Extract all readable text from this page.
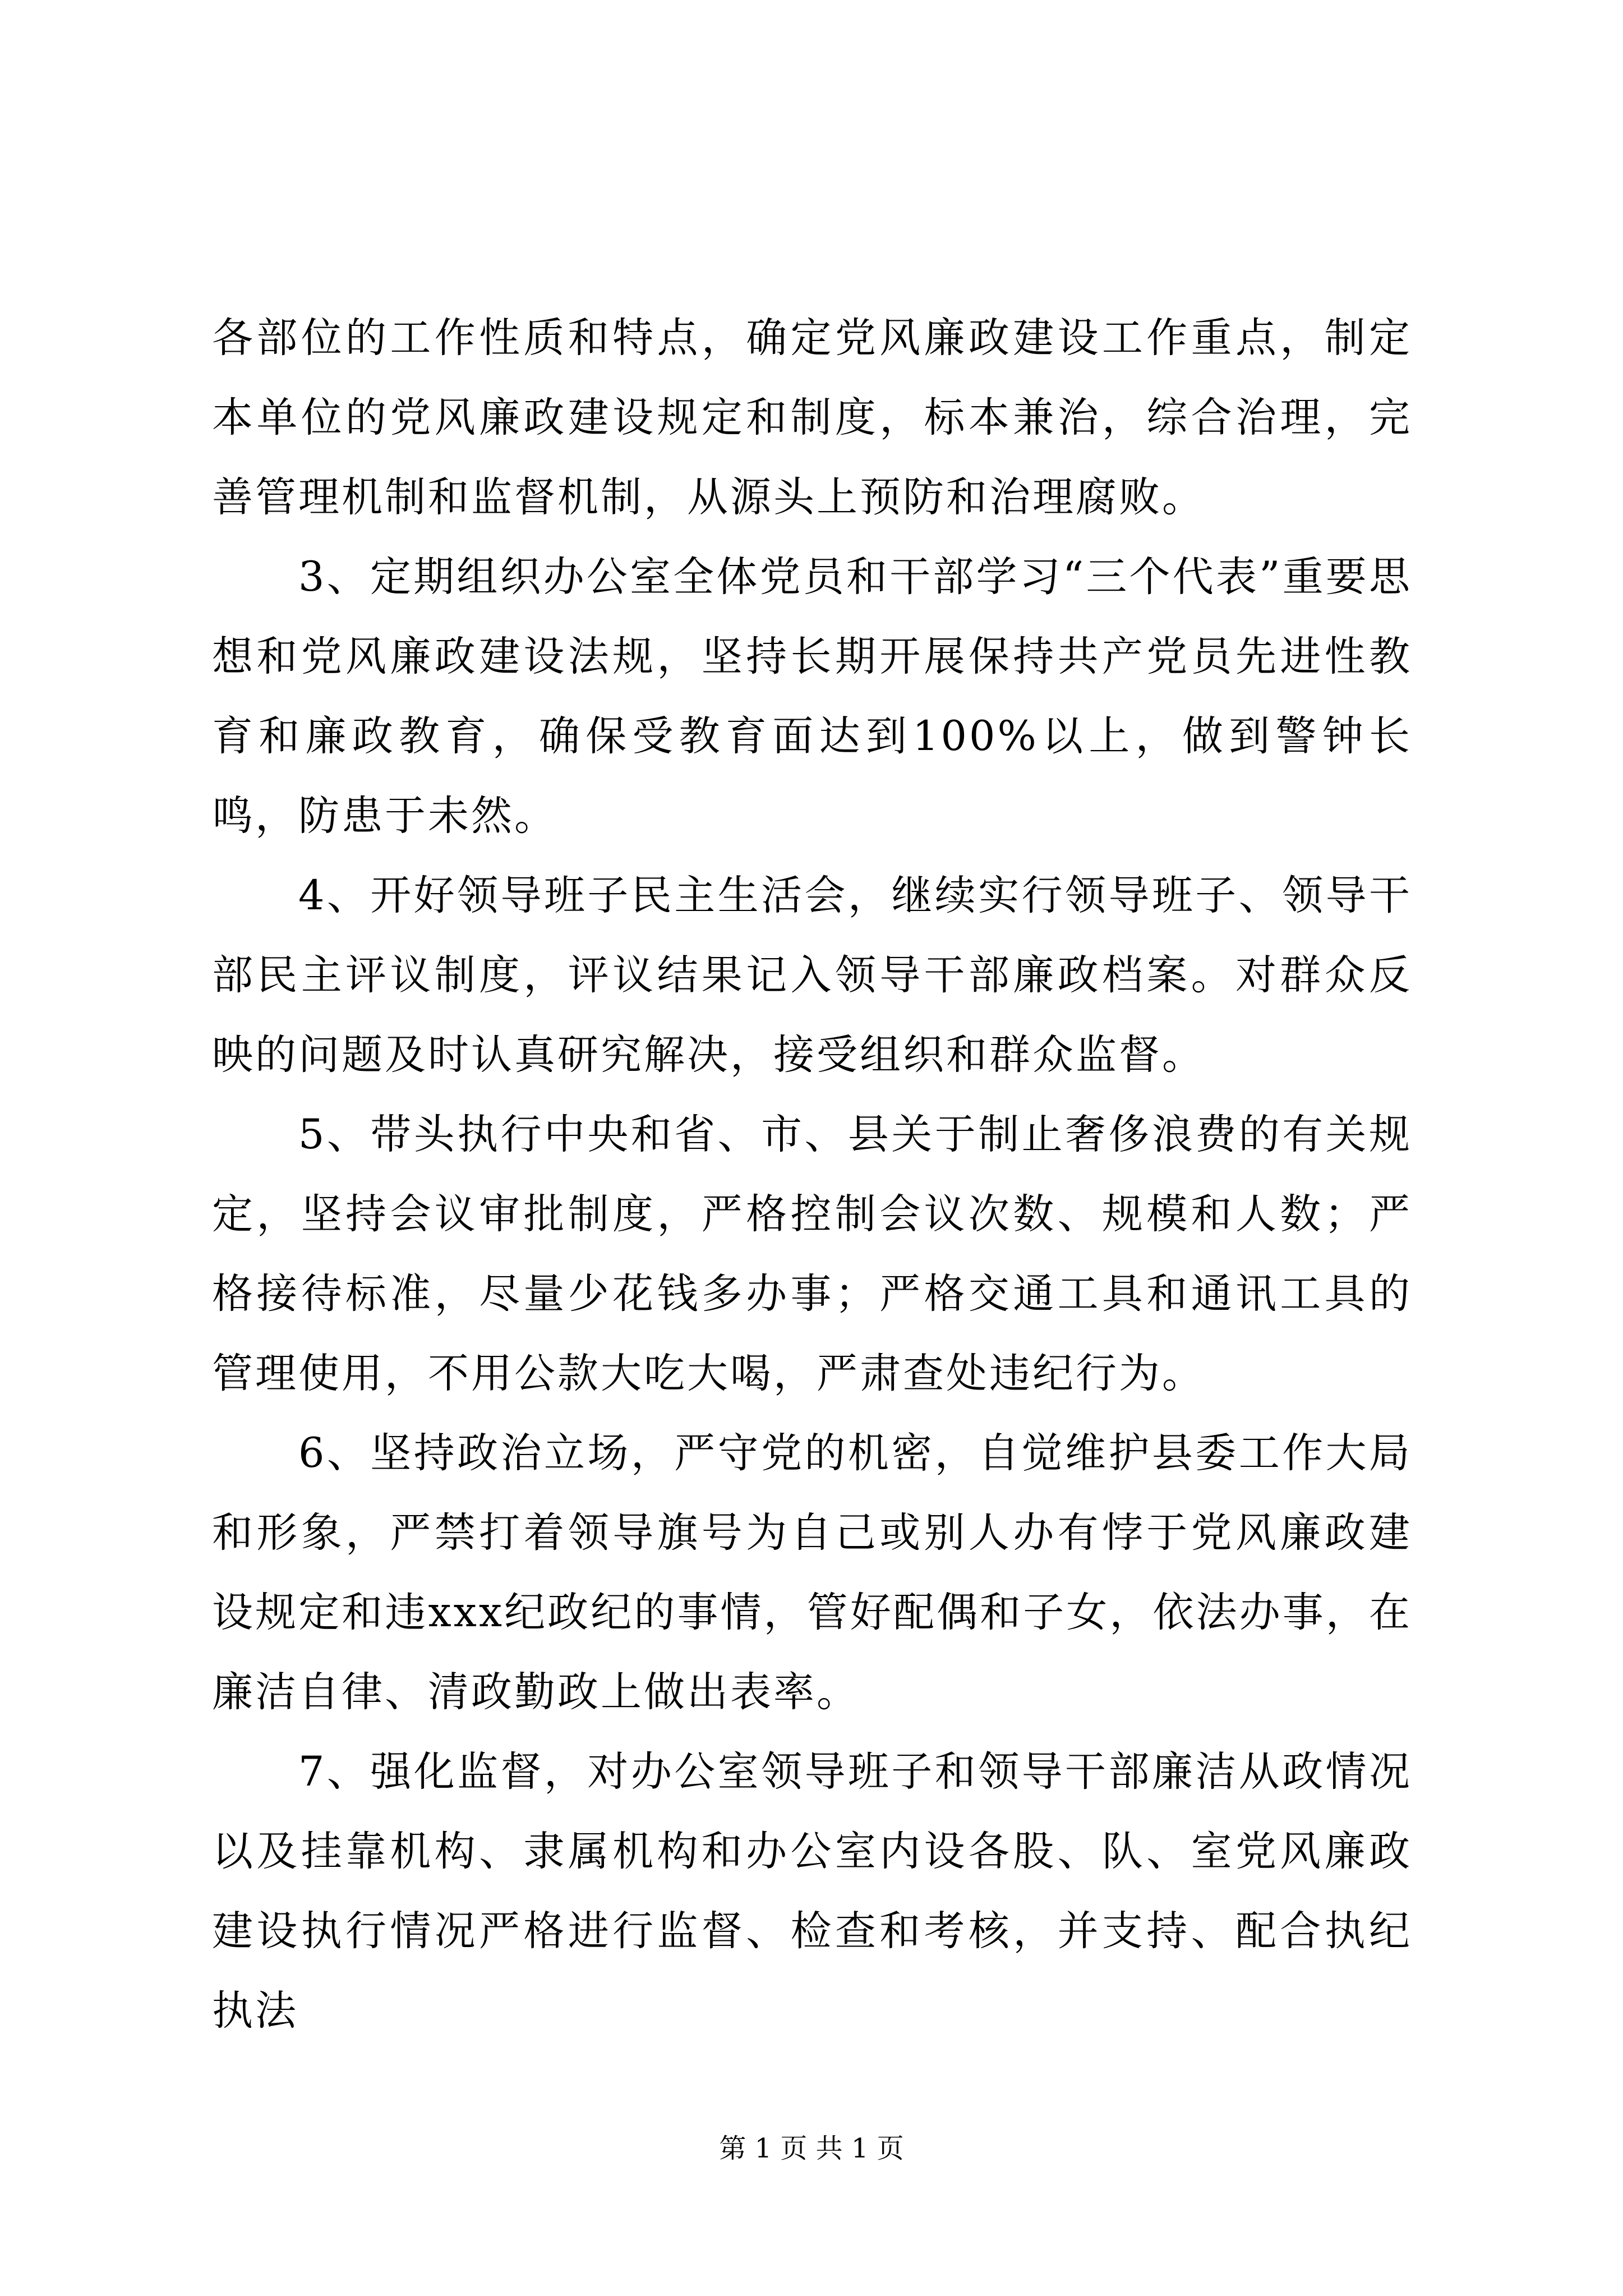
各部位的工作性质和特点，确定党风廉政建设工作重点，制定本单位的党风廉政建设规定和制度，标本兼治，综合治理，完善管理机制和监督机制，从源头上预防和治理腐败。

3、定期组织办公室全体党员和干部学习“三个代表”重要思想和党风廉政建设法规，坚持长期开展保持共产党员先进性教育和廉政教育，确保受教育面达到100%以上，做到警钟长鸣，防患于未然。

4、开好领导班子民主生活会，继续实行领导班子、领导干部民主评议制度，评议结果记入领导干部廉政档案。对群众反映的问题及时认真研究解决，接受组织和群众监督。

5、带头执行中央和省、市、县关于制止奢侈浪费的有关规定，坚持会议审批制度，严格控制会议次数、规模和人数；严格接待标准，尽量少花钱多办事；严格交通工具和通讯工具的管理使用，不用公款大吃大喝，严肃查处违纪行为。

6、坚持政治立场，严守党的机密，自觉维护县委工作大局和形象，严禁打着领导旗号为自己或别人办有悖于党风廉政建设规定和违xxx纪政纪的事情，管好配偶和子女，依法办事，在廉洁自律、清政勤政上做出表率。

7、强化监督，对办公室领导班子和领导干部廉洁从政情况以及挂靠机构、隶属机构和办公室内设各股、队、室党风廉政建设执行情况严格进行监督、检查和考核，并支持、配合执纪执法

第 1 页 共 1 页
